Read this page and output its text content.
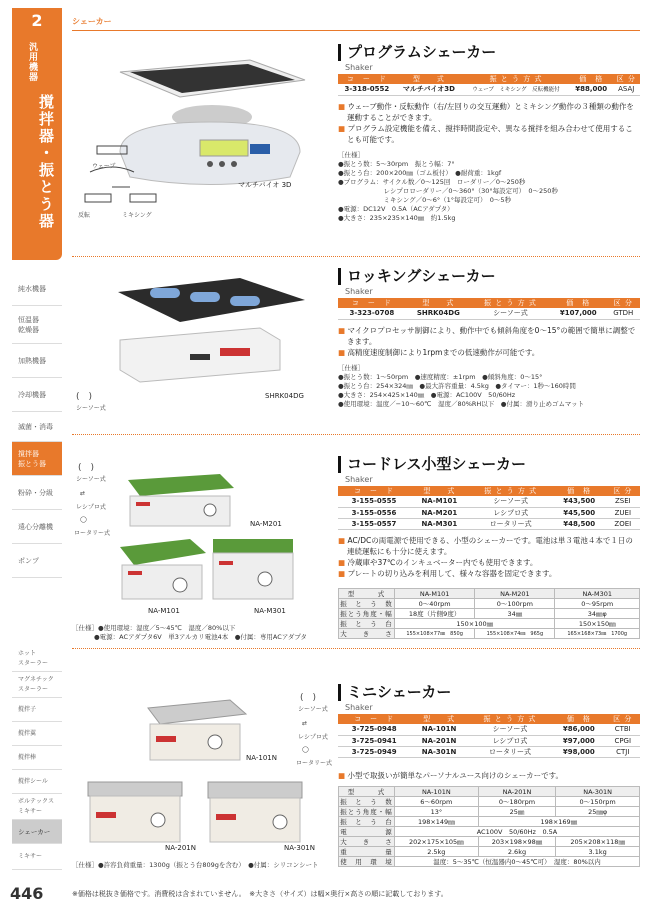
2
汎用機器
撹拌器・振とう器
純水機器
恒温器
乾燥器
加熱機器
冷却機器
滅菌・消毒
撹拌器
振とう器
粉砕・分級
遠心分離機
ポンプ
ホット
スターラー
マグネチック
スターラー
撹拌子
撹拌翼
撹拌棒
撹拌シール
ボルテックス
ミキサー
シェーカー
ミキサー
446
シェーカー
ウェーブ
反転	ミキシング
マルチバイオ 3D
プログラムシェーカー
Shaker
コ　ー　ド	型　　式	振 と う 方 式	価　格	区 分
3-318-0552	マルチバイオ3D	ウェーブ　ミキシング　反転機能付	¥88,000	ASAJ
■ ウェーブ動作・反転動作（右/左回りの交互運動）とミキシング動作の３種類の動作を運動することができます。
■ プログラム設定機能を備え、撹拌時間設定や、異なる撹拌を組み合わせて使用することも可能です。
［仕様］
●振とう数：5〜30rpm　振とう幅：7°
●振とう台：200×200㎜（ゴム板付）　●耐荷重：1kgf
●プログラム：サイクル数／0〜125回　ローダリー／0〜250秒
　　　　　　　レシプロローダリー／0〜360°（30°毎設定可）　0〜250秒
　　　　　　　ミキシング／0〜6°（1°毎設定可）　0〜5秒
●電源：DC12V　0.5A（ACアダプタ）
●大きさ：235×235×140㎜　約1.5kg
(　)
シーソー式
SHRK04DG
ロッキングシェーカー
Shaker
コ　ー　ド	型　　式	振 と う 方 式	価　格	区 分
3-323-0708	SHRK04DG	シーソー式	¥107,000	GTDH
■ マイクロプロセッサ制御により、動作中でも傾斜角度を0〜15°の範囲で簡単に調整できます。
■ 高精度速度制御により1rpmまでの低速動作が可能です。
［仕様］
●振とう数：1〜50rpm　●速度精度：±1rpm　●傾斜角度：0〜15°
●振とう台：254×324㎜　●最大許容重量：4.5kg　●タイマー：1秒〜160時間
●大きさ：254×425×140㎜　●電源：AC100V　50/60Hz
●使用環境：温度／−10〜60℃　湿度／80%RH以下　●付属：滑り止めゴムマット
(　)
シーソー式
⇄
レシプロ式
◯
ロータリー式
NA-M201
NA-M101	NA-M301
［仕様］●使用環境：湿度／5〜45℃　湿度／80%以下
●電源：ACアダプタ6V　単3アルカリ電池4本　●付属：専用ACアダプタ
コードレス小型シェーカー
Shaker
コ　ー　ド	型　　式	振 と う 方 式	価　格	区 分
3-155-0555	NA-M101	シーソー式	¥43,500	ZSEI
3-155-0556	NA-M201	レシプロ式	¥45,500	ZUEI
3-155-0557	NA-M301	ロータリー式	¥48,500	ZOEI
■ AC/DCの両電源で使用できる、小型のシェーカーです。電池は単３電池４本で１日の連続運転にも十分に使えます。
■ 冷蔵庫や37℃のインキュベーター内でも使用できます。
■ プレートの切り込みを利用して、様々な容器を固定できます。
型　　　式	NA-M101	NA-M201	NA-M301
振　と　う　数	0〜40rpm	0〜100rpm	0〜95rpm
振とう角度・幅	18度（片側9度）	34㎜	34㎜φ
振　と　う　台	150×100㎜		150×150㎜
大　　き　　さ	155×108×77㎜　850g	155×108×74㎜　965g	165×168×73㎜　1700g
(　)
シーソー式
⇄
レシプロ式
◯
ロータリー式
NA-101N
NA-201N	NA-301N
［仕様］●許容負荷重量：1300g（振とう台809gを含む）　●付属：シリコンシート
ミニシェーカー
Shaker
コ　ー　ド	型　　式	振 と う 方 式	価　格	区 分
3-725-0948	NA-101N	シーソー式	¥86,000	CTBI
3-725-0941	NA-201N	レシプロ式	¥97,000	CPGI
3-725-0949	NA-301N	ロータリー式	¥98,000	CTJI
■ 小型で取扱いが簡単なパーソナルユース向けのシェーカーです。
型　　　式	NA-101N	NA-201N	NA-301N
振　と　う　数	6〜60rpm	0〜180rpm	0〜150rpm
振とう角度・幅	13°	25㎜	25㎜φ
振　と　う　台	198×149㎜	198×169㎜	
電　　　　　源	AC100V　50/60Hz　0.5A		
大　　き　　さ	202×175×105㎜	203×198×98㎜	205×208×118㎜
重　　　　　量	2.5kg	2.6kg	3.1kg
使　用　環　境	温度：5〜35℃（恒温器内0〜45℃可）　湿度：80%以内		
※価格は税抜き価格です。消費税は含まれていません。　※大きさ（サイズ）は幅×奥行×高さの順に記載しております。
